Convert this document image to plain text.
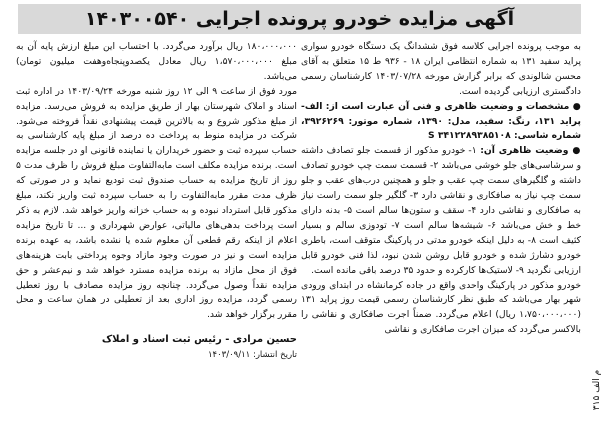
آگهی مزایده خودرو پرونده اجرایی ۱۴۰۳۰۰۵۴۰

به موجب پرونده اجرایی کلاسه فوق ششدانگ یک دستگاه خودرو سواری پراید سفید ۱۳۱ به شماره انتظامی ایران ۱۸ - ۹۳۶ ط ۱۵ متعلق به آقای محسن شالوندی که برابر گزارش مورخه ۱۴۰۳/۰۷/۲۸ کارشناسان رسمی دادگستری ارزیابی گردیده است.

● مشخصات و وضعیت ظاهری و فنی آن عبارت است از: الف- پراید ۱۳۱، رنگ: سفید، مدل: ۱۳۹۰، شماره موتور: ۳۹۲۶۲۶۹، شماره شاسی: S ۳۴۱۲۲۸۹۳۸۵۱۰۸

● وضعیت ظاهری آن: ۱- خودرو مذکور از قسمت جلو تصادف داشته و سرشاسی‌های جلو خوشی می‌باشد ۲- قسمت سمت چپ خودرو تصادف داشته و گلگیرهای سمت چپ عقب و جلو و همچنین درب‌های عقب و جلو سمت چپ نیاز به صافکاری و نقاشی دارد ۳- گلگیر جلو سمت راست نیاز به صافکاری و نقاشی دارد ۴- سقف و ستون‌ها سالم است ۵- بدنه دارای خط و خش می‌باشد ۶- شیشه‌ها سالم است ۷- تودوزی سالم و بسیار کثیف است ۸- به دلیل اینکه خودرو مدتی در پارکینگ متوقف است، باطری خودرو دشارژ شده و خودرو قابل روشن شدن نبود، لذا فنی خودرو قابل ارزیابی نگردید ۹- لاستیک‌ها کارکرده و حدود ۳۵ درصد باقی مانده است.

خودرو مذکور در پارکینگ واحدی واقع در جاده کرمانشاه در ابتدای ورودی شهر بهار می‌باشد که طبق نظر کارشناسان رسمی قیمت روز پراید ۱۳۱ (۱،۷۵۰،۰۰۰،۰۰۰ ریال) اعلام می‌گردد. ضمناً اجرت صافکاری و نقاشی را بالاکسر می‌گردد که میزان اجرت صافکاری و نقاشی

۱۸۰،۰۰۰،۰۰۰ ریال برآورد می‌گردد. با احتساب این مبلغ ارزش پایه آن به مبلغ ۱،۵۷۰،۰۰۰،۰۰۰ ریال معادل یکصدوپنجاه‌وهفت میلیون تومان) می‌باشد.

مورد فوق از ساعت ۹ الی ۱۲ روز شنبه مورخه ۱۴۰۳/۰۹/۲۴ در اداره ثبت اسناد و املاک شهرستان بهار از طریق مزایده به فروش می‌رسد. مزایده از مبلغ مذکور شروع و به بالاترین قیمت پیشنهادی نقداً فروخته می‌شود. شرکت در مزایده منوط به پرداخت ده درصد از مبلغ پایه کارشناسی به حساب سپرده ثبت و حضور خریداران یا نماینده قانونی او در جلسه مزایده است. برنده مزایده مکلف است مابه‌التفاوت مبلغ فروش را ظرف مدت ۵ روز از تاریخ مزایده به حساب صندوق ثبت تودیع نماید و در صورتی که ظرف مدت مقرر مابه‌التفاوت را به حساب سپرده ثبت واریز نکند، مبلغ مذکور قابل استرداد نبوده و به حساب خزانه واریز خواهد شد. لازم به ذکر است پرداخت بدهی‌های مالیاتی، عوارض شهرداری و ... تا تاریخ مزایده اعلام از اینکه رقم قطعی آن معلوم شده یا نشده باشد، به عهده برنده مزایده است و نیز در صورت وجود مازاد وجوه پرداختی بابت هزینه‌های فوق از محل مازاد به برنده مزایده مسترد خواهد شد و نیم‌عشر و حق مزایده نقداً وصول می‌گردد. چنانچه روز مزایده مصادف با روز تعطیل رسمی گردد، مزایده روز اداری بعد از تعطیلی در همان ساعت و محل مقرر برگزار خواهد شد.

حسین مرادی - رئیس ثبت اسناد و املاک

تاریخ انتشار: ۱۴۰۳/۰۹/۱۱

م الف ۳۱۵
